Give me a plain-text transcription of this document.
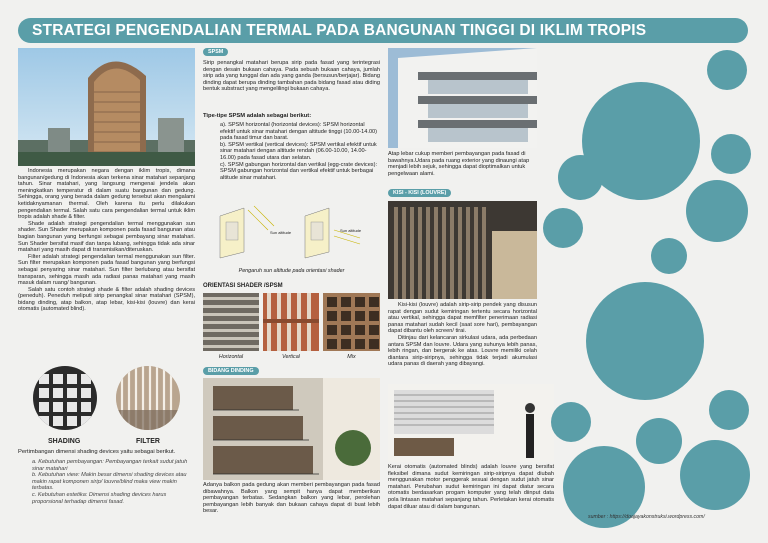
STRATEGI PENGENDALIAN TERMAL PADA BANGUNAN TINGGI DI IKLIM TROPIS

Indonesia merupakan negara dengan iklim tropis, dimana bangunan/gedung di Indonesia akan terkena sinar matahari sepanjang tahun. Sinar matahari, yang langsung mengenai jendela akan meningkatkan temperatur di dalam suatu bangunan dan gedung. Sehingga, orang yang berada dalam gedung tersebut akan mengalami ketidaknyamanan thermal. Oleh karena itu perlu dilakukan pengendalian termal. Salah satu cara pengendalian termal untuk iklim tropis adalah shade & filter.

Shade adalah strategi pengendalian termal menggunakan sun shader. Sun Shader merupakan komponen pada fasad bangunan atau bagian bangunan yang berfungsi sebagai pembayang sinar matahari. Sun Shader bersifat masif dan tanpa lubang, sehingga tidak ada sinar matahari yang masih dapat di transmisikan/diteruskan.

Filter adalah strategi pengendalian termal menggunakan sun filter. Sun filter merupakan komponen pada fasad bangunan yang berfungsi sebagai penyaring sinar matahari. Sun filter berlubang atau bersifat transparan, sehingga masih ada radiasi panas matahari yang masih masuk dalam ruang/ bangunan.

Salah satu contoh strategi shade & filter adalah shading devices (peneduh). Peneduh meliputi sirip penangkal sinar matahari (SPSM), bidang dinding, atap balkon, atap lebar, kisi-kisi (louvre) dan kerai otomatis (automated blind).

SHADING	FILTER
Pertimbangan dimensi shading devices yaitu sebagai berikut.
a. Kebutuhan pembayangan: Pembayangan terkait sudut jatuh sinar matahari
b. Kebutuhan view: Makin besar dimensi shading devices atau makin rapat komponen sirip/ louvre/blind maka view makin terbatas.
c. Kebutuhan estetika: Dimensi shading devices harus proporsional terhadap dimensi fasad.
SPSM

Sirip penangkal matahari berupa sirip pada fasad yang terintegrasi dengan desain bukaan cahaya. Pada sebuah bukaan cahaya, jumlah sirip ada yang tunggal dan ada yang ganda (bersusun/berjajar). Bidang dinding dapat berupa dinding tambahan pada bidang fasad atau diding bentuk substract yang mengelilingi bukaan cahaya.

Tipe-tipe SPSM adalah sebagai berikut:
a). SPSM horizontal (horizontal devices): SPSM horizontal efektif untuk sinar matahari dengan altitude tinggi (10.00-14.00) pada fasad timur dan barat.
b). SPSM vertikal (vertical devices): SPSM vertikal efektif untuk sinar matahari dengan altitude rendah (06.00-10.00, 14.00-16.00) pada fasad utara dan selatan.
c). SPSM gabungan horizontal dan vertikal (egg-crate devices): SPSM gabungan horizontal dan vertikal efektif untuk berbagai altitude sinar matahari.
Sun altitude	Sun altitude
Pengaruh sun altitude pada orientasi shader
ORIENTASI SHADER /SPSM
Horizontal	Vertical	Mix
BIDANG DINDING

Adanya balkon pada gedung akan memberi pembayangan pada fasad dibawahnya. Balkon yang sempit hanya dapat memberikan pembayangan terbatas. Sedangkan balkon yang lebar, perolehan pembayangan lebih banyak dan bukaan cahaya dapat di buat lebih besar.

Atap lebar cukup memberi pembayangan pada fasad di bawahnya.Udara pada ruang exterior yang dinaungi atap menjadi lebih sejuk, sehingga dapat dioptimalkan untuk pengelwaan alami.

KISI - KISI (LOUVRE)

Kisi-kisi (louvre) adalah sirip-sirip pendek yang disusun rapat dengan sudut kemiringan tertentu secara horizontal atau vertikal, sehingga dapat memfilter penerimaan radiasi panas matahari sudah kecil (saat sore hari), pembayangan dapat dibantu oleh screen/ tirai.

Ditinjau dari kelancaran sirkulasi udara, ada perbedaan antara SPSM dan louvre. Udara yang suhunya lebih panas, lebih ringan, dan bergerak ke atas. Louvre memiliki celah diantara sirip-siripnya, sehingga tidak terjadi akumulasi udara panas di daerah yang dibayangi.

Kerai otomatis (automated blinds) adalah louvre yang bersifat fleksibel dimana sudut kemiringan sirip-siripnya dapat diubah menggunakan motor penggerak sesuai dengan sudut jatuh sinar matahari. Perubahan sudut kemiringan ini dapat diatur secara otomatis berdasarkan progam komputer yang telah diinput data pola lintasan matahari sepanjang tahun. Perletakan kerai otomatis dapat diluar atau di dalam bangunan.

sumber : https://doajayakonstruksi.wordpress.com/
